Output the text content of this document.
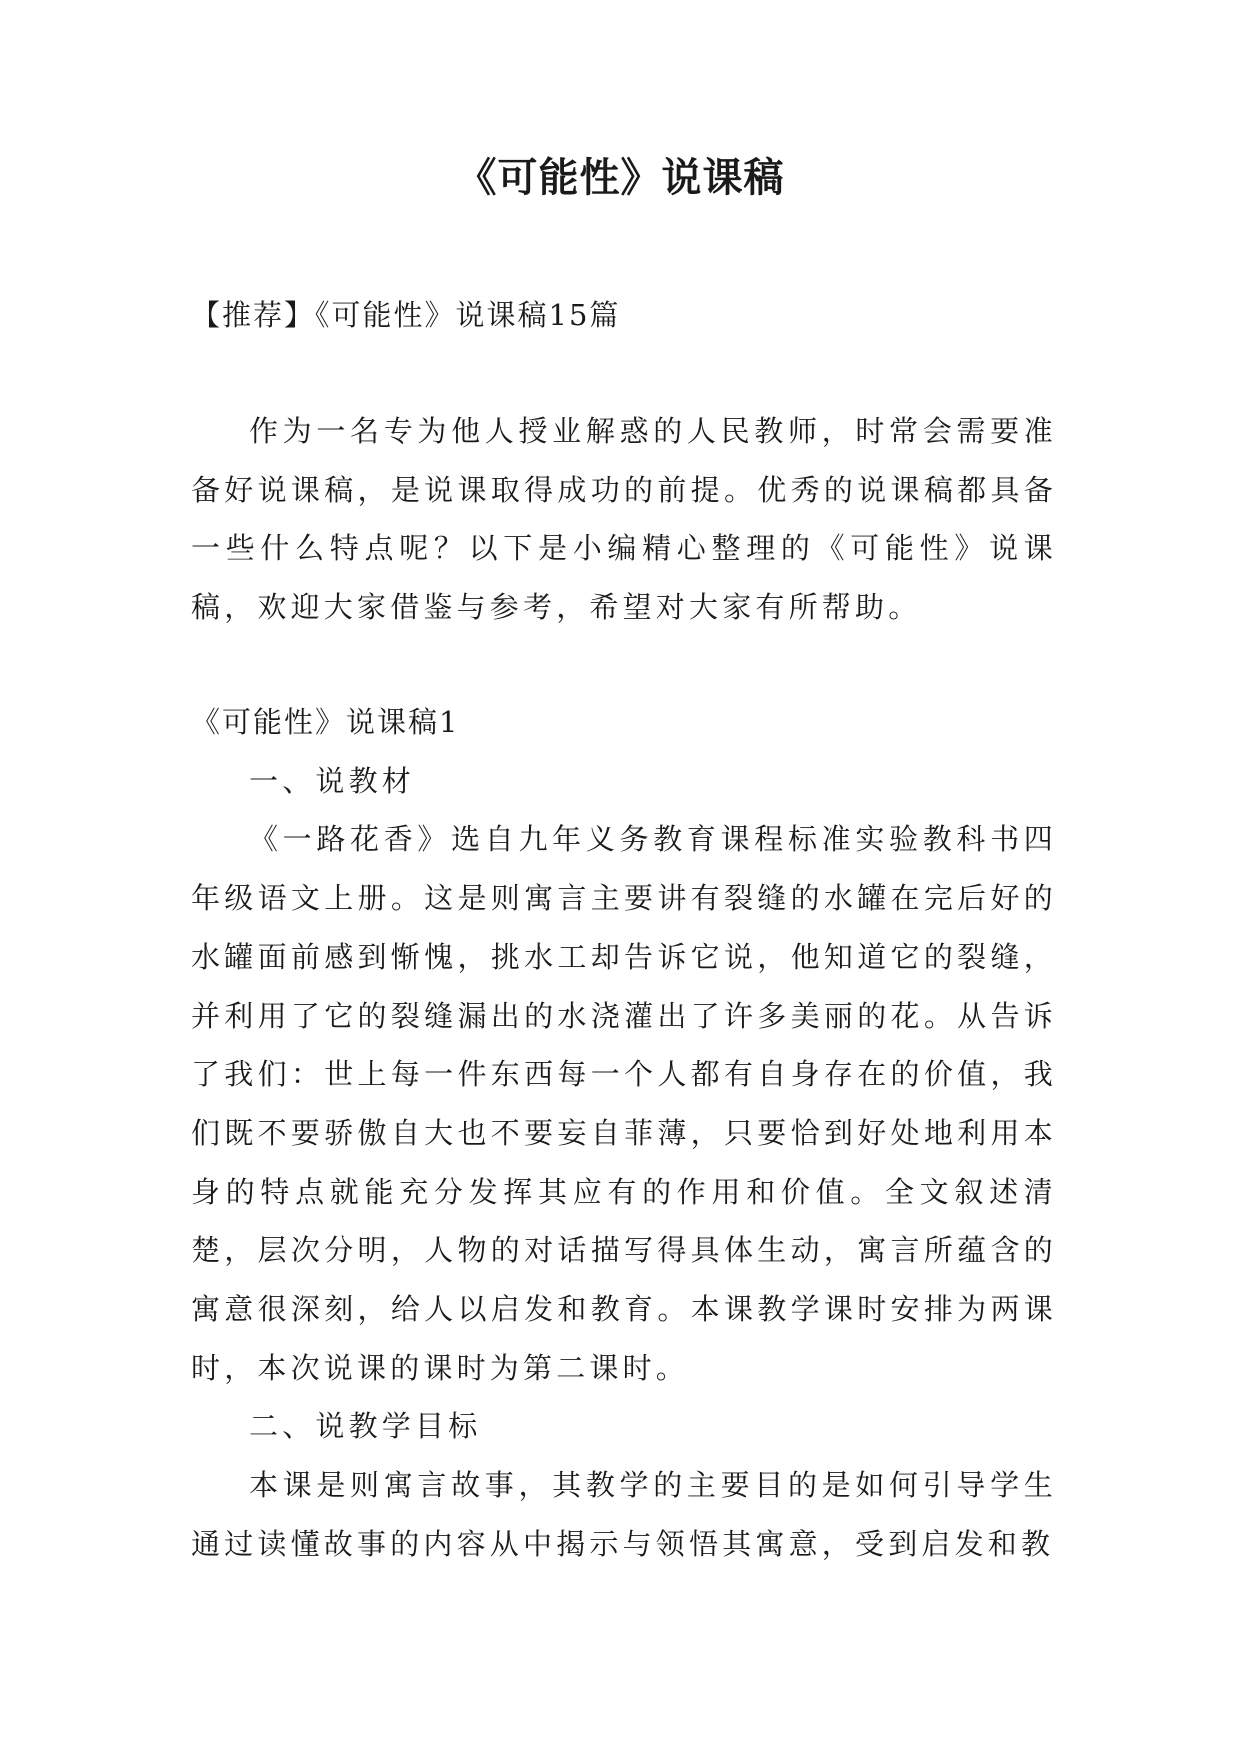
《可能性》说课稿

【推荐】《可能性》说课稿15篇

作为一名专为他人授业解惑的人民教师，时常会需要准备好说课稿，是说课取得成功的前提。优秀的说课稿都具备一些什么特点呢？以下是小编精心整理的《可能性》说课稿，欢迎大家借鉴与参考，希望对大家有所帮助。

《可能性》说课稿1

一、说教材

《一路花香》选自九年义务教育课程标准实验教科书四年级语文上册。这是则寓言主要讲有裂缝的水罐在完后好的水罐面前感到惭愧，挑水工却告诉它说，他知道它的裂缝，并利用了它的裂缝漏出的水浇灌出了许多美丽的花。从告诉了我们：世上每一件东西每一个人都有自身存在的价值，我们既不要骄傲自大也不要妄自菲薄，只要恰到好处地利用本身的特点就能充分发挥其应有的作用和价值。全文叙述清楚，层次分明，人物的对话描写得具体生动，寓言所蕴含的寓意很深刻，给人以启发和教育。本课教学课时安排为两课时，本次说课的课时为第二课时。

二、说教学目标

本课是则寓言故事，其教学的主要目的是如何引导学生通过读懂故事的内容从中揭示与领悟其寓意，受到启发和教
